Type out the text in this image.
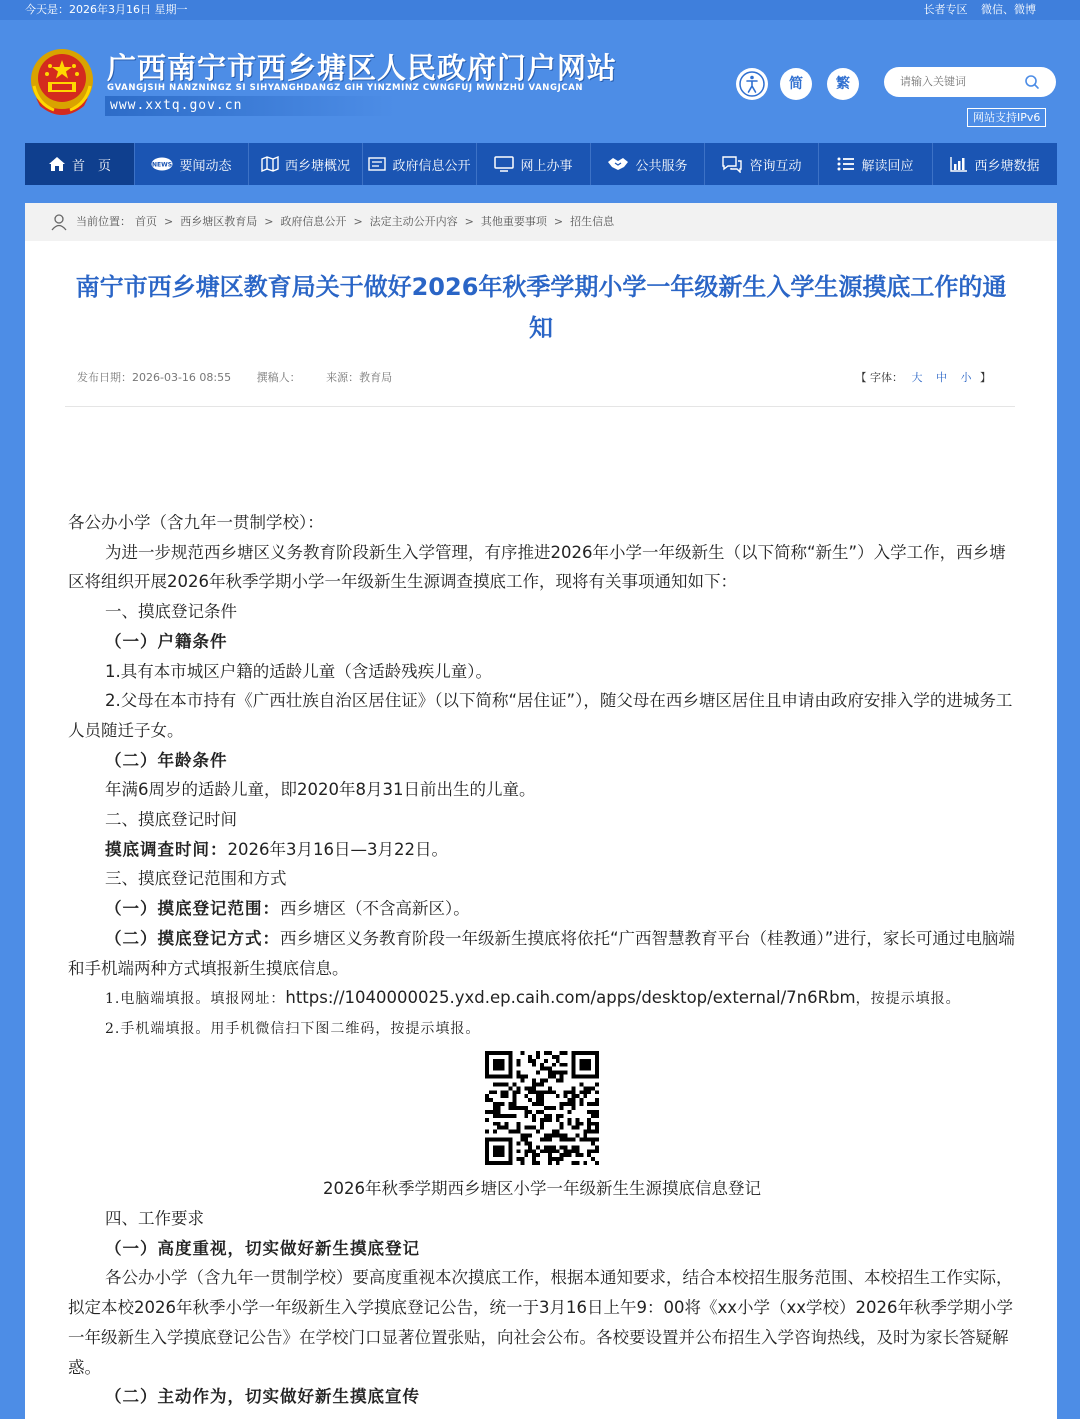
今天是：2026年3月16日 星期一	长者专区 微信、微博
广西南宁市西乡塘区人民政府门户网站
GVANGJSIH NANZNINGZ SI SIHYANGHDANGZ GIH YINZMINZ CWNGFUJ MWNZHU VANGJCAN
www.xxtq.gov.cn
简	繁
请输入关键词
网站支持IPv6
首　页	NEWS 要闻动态	西乡塘概况	政府信息公开	网上办事	公共服务	咨询互动	解读回应	西乡塘数据
当前位置： 首页 > 西乡塘区教育局 > 政府信息公开 > 法定主动公开内容 > 其他重要事项 > 招生信息
南宁市西乡塘区教育局关于做好2026年秋季学期小学一年级新生入学生源摸底工作的通知
发布日期：2026-03-16 08:55 撰稿人： 来源：教育局	【 字体： 大 中 小 】

各公办小学（含九年一贯制学校）：

为进一步规范西乡塘区义务教育阶段新生入学管理，有序推进2026年小学一年级新生（以下简称“新生”）入学工作，西乡塘区将组织开展2026年秋季学期小学一年级新生生源调查摸底工作，现将有关事项通知如下：

一、摸底登记条件

（一）户籍条件

1.具有本市城区户籍的适龄儿童（含适龄残疾儿童）。

2.父母在本市持有《广西壮族自治区居住证》（以下简称“居住证”），随父母在西乡塘区居住且申请由政府安排入学的进城务工人员随迁子女。

（二）年龄条件

年满6周岁的适龄儿童，即2020年8月31日前出生的儿童。

二、摸底登记时间

摸底调查时间：2026年3月16日—3月22日。

三、摸底登记范围和方式

（一）摸底登记范围：西乡塘区（不含高新区）。

（二）摸底登记方式：西乡塘区义务教育阶段一年级新生摸底将依托“广西智慧教育平台（桂教通）”进行，家长可通过电脑端和手机端两种方式填报新生摸底信息。

1.电脑端填报。填报网址：https://1040000025.yxd.ep.caih.com/apps/desktop/external/7n6Rbm，按提示填报。

2.手机端填报。用手机微信扫下图二维码，按提示填报。

2026年秋季学期西乡塘区小学一年级新生生源摸底信息登记

四、工作要求

（一）高度重视，切实做好新生摸底登记

各公办小学（含九年一贯制学校）要高度重视本次摸底工作，根据本通知要求，结合本校招生服务范围、本校招生工作实际，拟定本校2026年秋季小学一年级新生入学摸底登记公告，统一于3月16日上午9：00将《xx小学（xx学校）2026年秋季学期小学一年级新生入学摸底登记公告》在学校门口显著位置张贴，向社会公布。各校要设置并公布招生入学咨询热线，及时为家长答疑解惑。

（二）主动作为，切实做好新生摸底宣传
